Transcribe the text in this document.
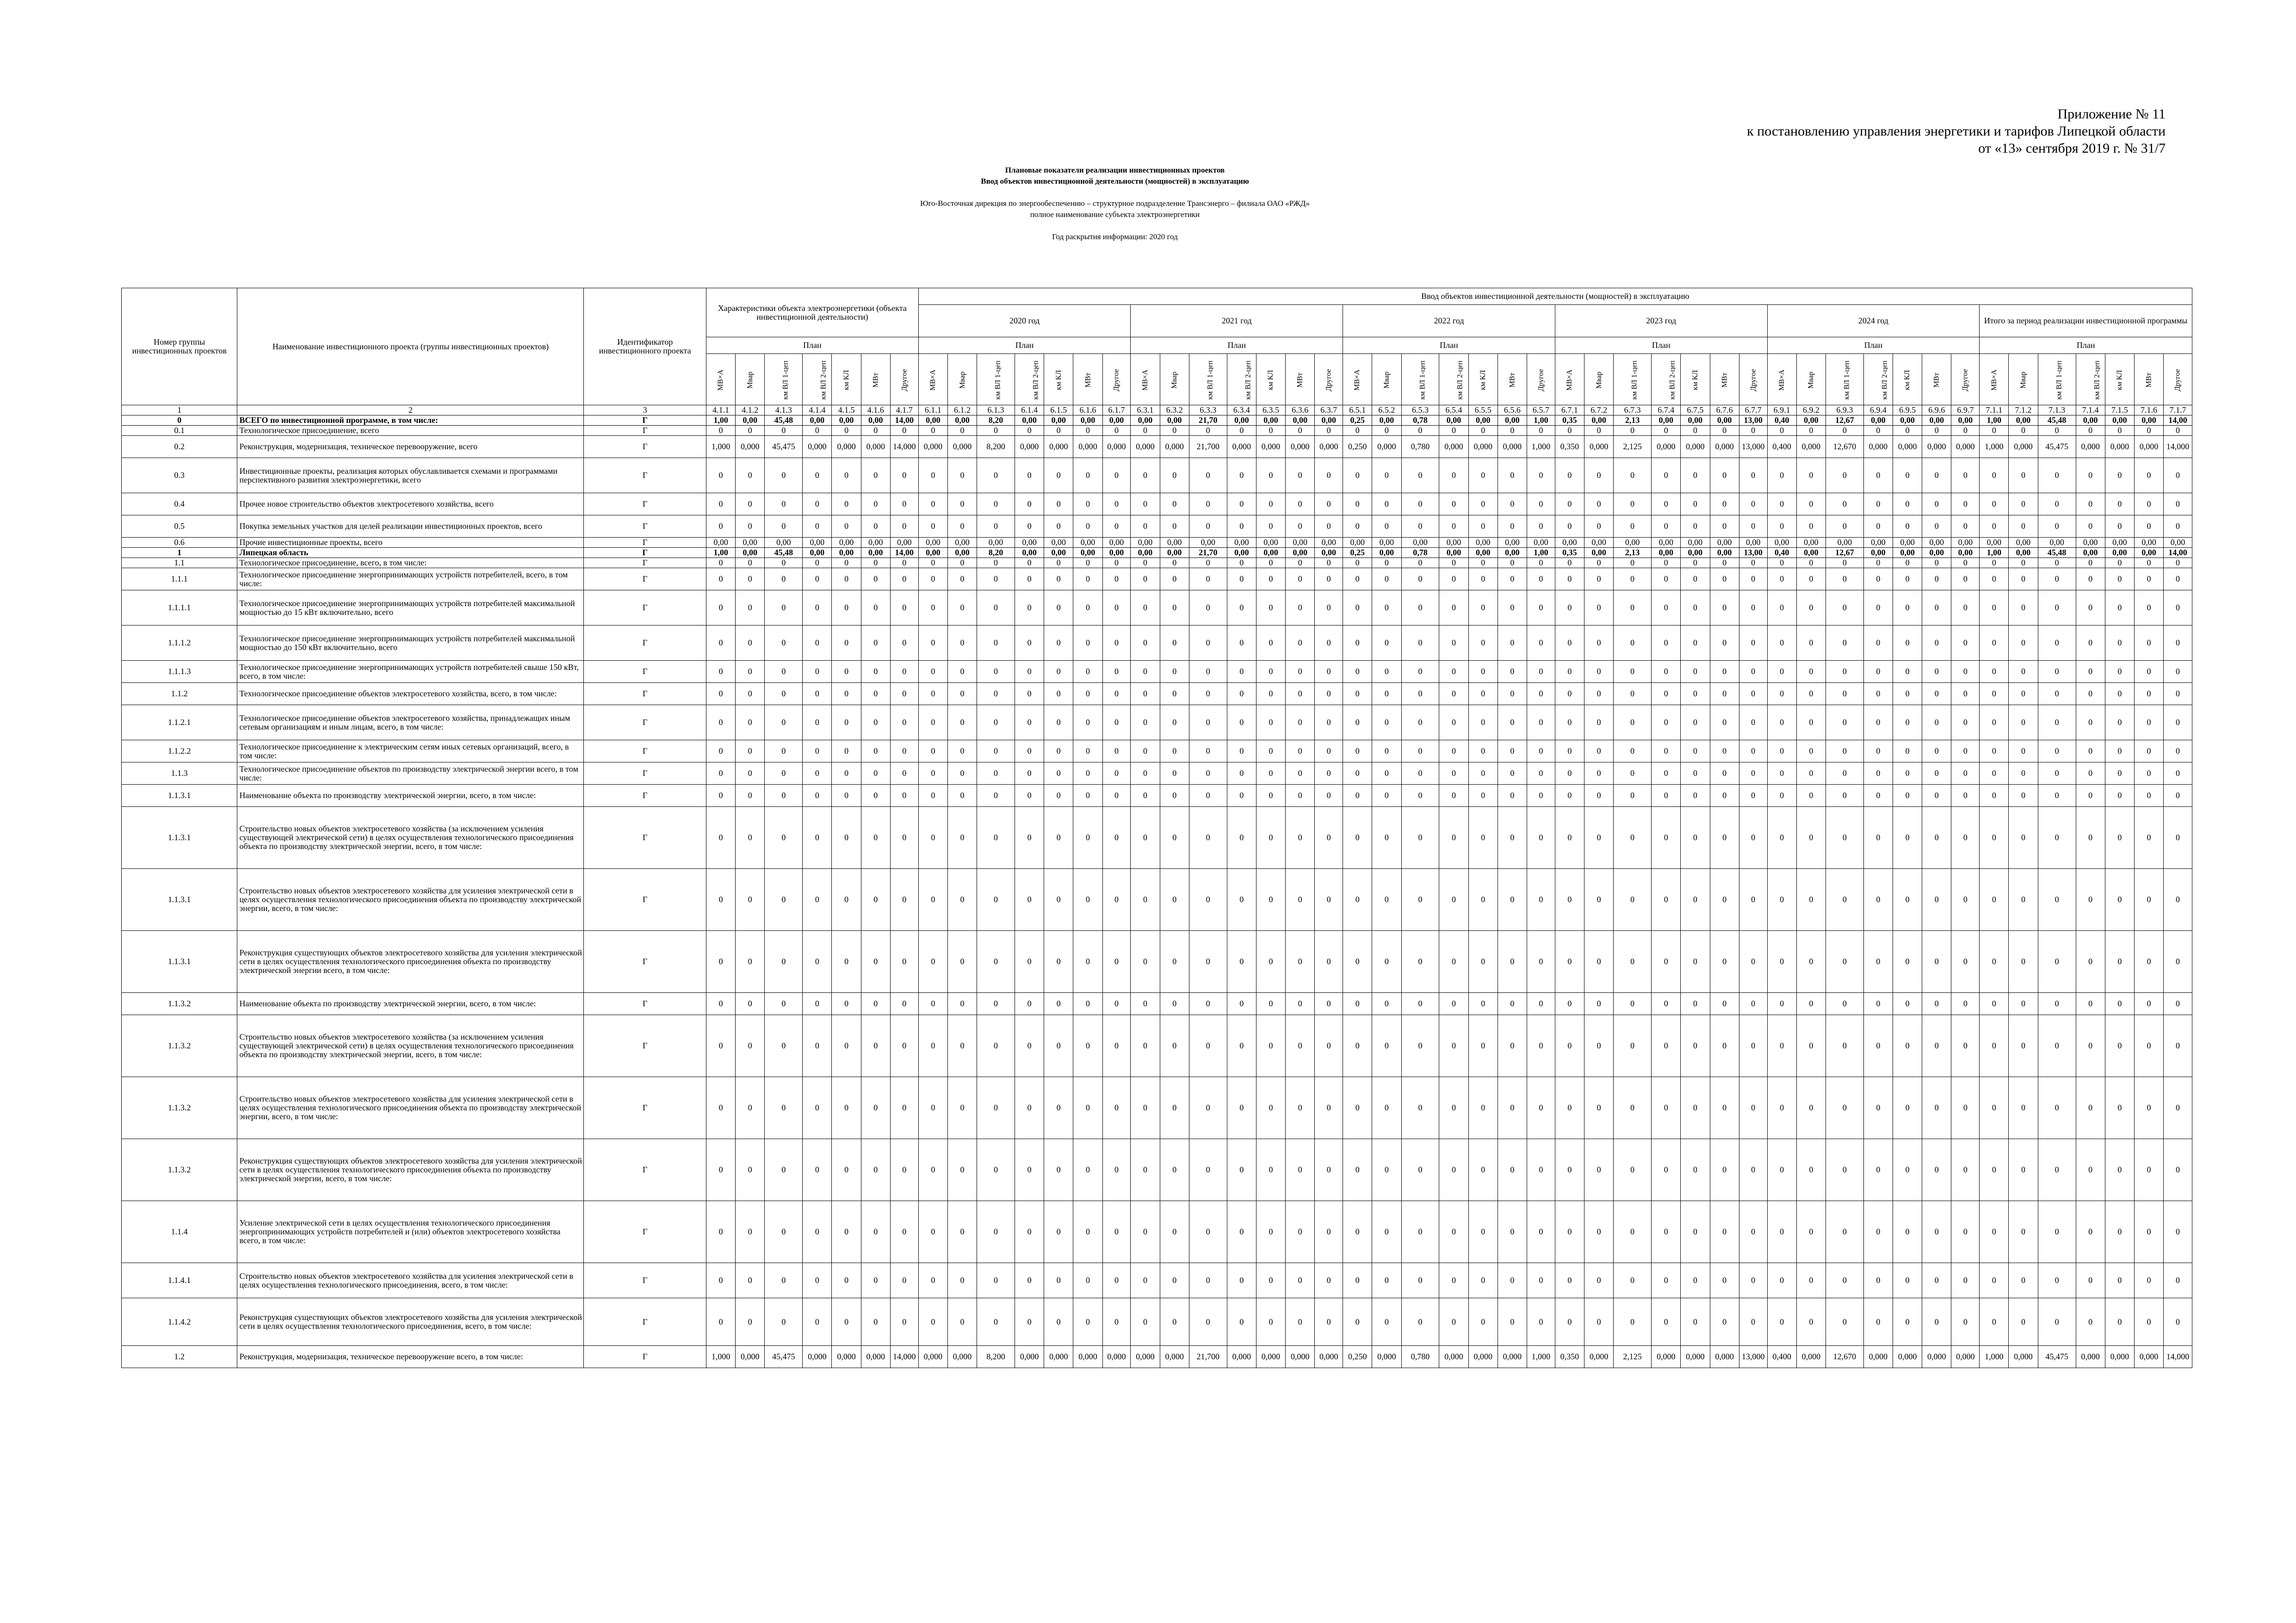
Приложение № 11
к постановлению управления энергетики и тарифов Липецкой области
от «13» сентября 2019 г. № 31/7
Плановые показатели реализации инвестиционных проектов
Ввод объектов инвестиционной деятельности (мощностей) в эксплуатацию
Юго-Восточная дирекция по энергообеспечению – структурное подразделение Трансэнерго – филиала ОАО «РЖД»
полное наименование субъекта электроэнергетики
Год раскрытия информации: 2020 год
Номер группы инвестиционных проектов	Наименование инвестиционного проекта (группы инвестиционных проектов)	Идентификатор инвестиционного проекта	Характеристики объекта электроэнергетики (объекта инвестиционной деятельности)							Ввод объектов инвестиционной деятельности (мощностей) в эксплуатацию																																									
										2020 год							2021 год							2022 год							2023 год							2024 год							Итого за период реализации инвестиционной программы						
			План							План							План							План							План							План							План						
			МВ×А	Мвар	км ВЛ 1-цеп	км ВЛ 2-цеп	км КЛ	МВт	Другое	МВ×А	Мвар	км ВЛ 1-цеп	км ВЛ 2-цеп	км КЛ	МВт	Другое	МВ×А	Мвар	км ВЛ 1-цеп	км ВЛ 2-цеп	км КЛ	МВт	Другое	МВ×А	Мвар	км ВЛ 1-цеп	км ВЛ 2-цеп	км КЛ	МВт	Другое	МВ×А	Мвар	км ВЛ 1-цеп	км ВЛ 2-цеп	км КЛ	МВт	Другое	МВ×А	Мвар	км ВЛ 1-цеп	км ВЛ 2-цеп	км КЛ	МВт	Другое	МВ×А	Мвар	км ВЛ 1-цеп	км ВЛ 2-цеп	км КЛ	МВт	Другое
1	2	3	4.1.1	4.1.2	4.1.3	4.1.4	4.1.5	4.1.6	4.1.7	6.1.1	6.1.2	6.1.3	6.1.4	6.1.5	6.1.6	6.1.7	6.3.1	6.3.2	6.3.3	6.3.4	6.3.5	6.3.6	6.3.7	6.5.1	6.5.2	6.5.3	6.5.4	6.5.5	6.5.6	6.5.7	6.7.1	6.7.2	6.7.3	6.7.4	6.7.5	6.7.6	6.7.7	6.9.1	6.9.2	6.9.3	6.9.4	6.9.5	6.9.6	6.9.7	7.1.1	7.1.2	7.1.3	7.1.4	7.1.5	7.1.6	7.1.7
0	ВСЕГО по инвестиционной программе, в том числе:	Г	1,00	0,00	45,48	0,00	0,00	0,00	14,00	0,00	0,00	8,20	0,00	0,00	0,00	0,00	0,00	0,00	21,70	0,00	0,00	0,00	0,00	0,25	0,00	0,78	0,00	0,00	0,00	1,00	0,35	0,00	2,13	0,00	0,00	0,00	13,00	0,40	0,00	12,67	0,00	0,00	0,00	0,00	1,00	0,00	45,48	0,00	0,00	0,00	14,00
0.1	Технологическое присоединение, всего	Г	0	0	0	0	0	0	0	0	0	0	0	0	0	0	0	0	0	0	0	0	0	0	0	0	0	0	0	0	0	0	0	0	0	0	0	0	0	0	0	0	0	0	0	0	0	0	0	0	0
0.2	Реконструкция, модернизация, техническое перевооружение, всего	Г	1,000	0,000	45,475	0,000	0,000	0,000	14,000	0,000	0,000	8,200	0,000	0,000	0,000	0,000	0,000	0,000	21,700	0,000	0,000	0,000	0,000	0,250	0,000	0,780	0,000	0,000	0,000	1,000	0,350	0,000	2,125	0,000	0,000	0,000	13,000	0,400	0,000	12,670	0,000	0,000	0,000	0,000	1,000	0,000	45,475	0,000	0,000	0,000	14,000
0.3	Инвестиционные проекты, реализация которых обуславливается схемами и программами перспективного развития электроэнергетики, всего	Г	0	0	0	0	0	0	0	0	0	0	0	0	0	0	0	0	0	0	0	0	0	0	0	0	0	0	0	0	0	0	0	0	0	0	0	0	0	0	0	0	0	0	0	0	0	0	0	0	0
0.4	Прочее новое строительство объектов электросетевого хозяйства, всего	Г	0	0	0	0	0	0	0	0	0	0	0	0	0	0	0	0	0	0	0	0	0	0	0	0	0	0	0	0	0	0	0	0	0	0	0	0	0	0	0	0	0	0	0	0	0	0	0	0	0
0.5	Покупка земельных участков для целей реализации инвестиционных проектов, всего	Г	0	0	0	0	0	0	0	0	0	0	0	0	0	0	0	0	0	0	0	0	0	0	0	0	0	0	0	0	0	0	0	0	0	0	0	0	0	0	0	0	0	0	0	0	0	0	0	0	0
0.6	Прочие инвестиционные проекты, всего	Г	0,00	0,00	0,00	0,00	0,00	0,00	0,00	0,00	0,00	0,00	0,00	0,00	0,00	0,00	0,00	0,00	0,00	0,00	0,00	0,00	0,00	0,00	0,00	0,00	0,00	0,00	0,00	0,00	0,00	0,00	0,00	0,00	0,00	0,00	0,00	0,00	0,00	0,00	0,00	0,00	0,00	0,00	0,00	0,00	0,00	0,00	0,00	0,00	0,00
1	Липецкая область	Г	1,00	0,00	45,48	0,00	0,00	0,00	14,00	0,00	0,00	8,20	0,00	0,00	0,00	0,00	0,00	0,00	21,70	0,00	0,00	0,00	0,00	0,25	0,00	0,78	0,00	0,00	0,00	1,00	0,35	0,00	2,13	0,00	0,00	0,00	13,00	0,40	0,00	12,67	0,00	0,00	0,00	0,00	1,00	0,00	45,48	0,00	0,00	0,00	14,00
1.1	Технологическое присоединение, всего, в том числе:	Г	0	0	0	0	0	0	0	0	0	0	0	0	0	0	0	0	0	0	0	0	0	0	0	0	0	0	0	0	0	0	0	0	0	0	0	0	0	0	0	0	0	0	0	0	0	0	0	0	0
1.1.1	Технологическое присоединение энергопринимающих устройств потребителей, всего, в том числе:	Г	0	0	0	0	0	0	0	0	0	0	0	0	0	0	0	0	0	0	0	0	0	0	0	0	0	0	0	0	0	0	0	0	0	0	0	0	0	0	0	0	0	0	0	0	0	0	0	0	0
1.1.1.1	Технологическое присоединение энергопринимающих устройств потребителей максимальной мощностью до 15 кВт включительно, всего	Г	0	0	0	0	0	0	0	0	0	0	0	0	0	0	0	0	0	0	0	0	0	0	0	0	0	0	0	0	0	0	0	0	0	0	0	0	0	0	0	0	0	0	0	0	0	0	0	0	0
1.1.1.2	Технологическое присоединение энергопринимающих устройств потребителей максимальной мощностью до 150 кВт включительно, всего	Г	0	0	0	0	0	0	0	0	0	0	0	0	0	0	0	0	0	0	0	0	0	0	0	0	0	0	0	0	0	0	0	0	0	0	0	0	0	0	0	0	0	0	0	0	0	0	0	0	0
1.1.1.3	Технологическое присоединение энергопринимающих устройств потребителей свыше 150 кВт, всего, в том числе:	Г	0	0	0	0	0	0	0	0	0	0	0	0	0	0	0	0	0	0	0	0	0	0	0	0	0	0	0	0	0	0	0	0	0	0	0	0	0	0	0	0	0	0	0	0	0	0	0	0	0
1.1.2	Технологическое присоединение объектов электросетевого хозяйства, всего, в том числе:	Г	0	0	0	0	0	0	0	0	0	0	0	0	0	0	0	0	0	0	0	0	0	0	0	0	0	0	0	0	0	0	0	0	0	0	0	0	0	0	0	0	0	0	0	0	0	0	0	0	0
1.1.2.1	Технологическое присоединение объектов электросетевого хозяйства, принадлежащих иным сетевым организациям и иным лицам, всего, в том числе:	Г	0	0	0	0	0	0	0	0	0	0	0	0	0	0	0	0	0	0	0	0	0	0	0	0	0	0	0	0	0	0	0	0	0	0	0	0	0	0	0	0	0	0	0	0	0	0	0	0	0
1.1.2.2	Технологическое присоединение к электрическим сетям иных сетевых организаций, всего, в том числе:	Г	0	0	0	0	0	0	0	0	0	0	0	0	0	0	0	0	0	0	0	0	0	0	0	0	0	0	0	0	0	0	0	0	0	0	0	0	0	0	0	0	0	0	0	0	0	0	0	0	0
1.1.3	Технологическое присоединение объектов по производству электрической энергии всего, в том числе:	Г	0	0	0	0	0	0	0	0	0	0	0	0	0	0	0	0	0	0	0	0	0	0	0	0	0	0	0	0	0	0	0	0	0	0	0	0	0	0	0	0	0	0	0	0	0	0	0	0	0
1.1.3.1	Наименование объекта по производству электрической энергии, всего, в том числе:	Г	0	0	0	0	0	0	0	0	0	0	0	0	0	0	0	0	0	0	0	0	0	0	0	0	0	0	0	0	0	0	0	0	0	0	0	0	0	0	0	0	0	0	0	0	0	0	0	0	0
1.1.3.1	Строительство новых объектов электросетевого хозяйства (за исключением усиления существующей электрической сети) в целях осуществления технологического присоединения объекта по производству электрической энергии, всего, в том числе:	Г	0	0	0	0	0	0	0	0	0	0	0	0	0	0	0	0	0	0	0	0	0	0	0	0	0	0	0	0	0	0	0	0	0	0	0	0	0	0	0	0	0	0	0	0	0	0	0	0	0
1.1.3.1	Строительство новых объектов электросетевого хозяйства для усиления электрической сети в целях осуществления технологического присоединения объекта по производству электрической энергии, всего, в том числе:	Г	0	0	0	0	0	0	0	0	0	0	0	0	0	0	0	0	0	0	0	0	0	0	0	0	0	0	0	0	0	0	0	0	0	0	0	0	0	0	0	0	0	0	0	0	0	0	0	0	0
1.1.3.1	Реконструкция существующих объектов электросетевого хозяйства для усиления электрической сети в целях осуществления технологического присоединения объекта по производству электрической энергии всего, в том числе:	Г	0	0	0	0	0	0	0	0	0	0	0	0	0	0	0	0	0	0	0	0	0	0	0	0	0	0	0	0	0	0	0	0	0	0	0	0	0	0	0	0	0	0	0	0	0	0	0	0	0
1.1.3.2	Наименование объекта по производству электрической энергии, всего, в том числе:	Г	0	0	0	0	0	0	0	0	0	0	0	0	0	0	0	0	0	0	0	0	0	0	0	0	0	0	0	0	0	0	0	0	0	0	0	0	0	0	0	0	0	0	0	0	0	0	0	0	0
1.1.3.2	Строительство новых объектов электросетевого хозяйства (за исключением усиления существующей электрической сети) в целях осуществления технологического присоединения объекта по производству электрической энергии, всего, в том числе:	Г	0	0	0	0	0	0	0	0	0	0	0	0	0	0	0	0	0	0	0	0	0	0	0	0	0	0	0	0	0	0	0	0	0	0	0	0	0	0	0	0	0	0	0	0	0	0	0	0	0
1.1.3.2	Строительство новых объектов электросетевого хозяйства для усиления электрической сети в целях осуществления технологического присоединения объекта по производству электрической энергии, всего, в том числе:	Г	0	0	0	0	0	0	0	0	0	0	0	0	0	0	0	0	0	0	0	0	0	0	0	0	0	0	0	0	0	0	0	0	0	0	0	0	0	0	0	0	0	0	0	0	0	0	0	0	0
1.1.3.2	Реконструкция существующих объектов электросетевого хозяйства для усиления электрической сети в целях осуществления технологического присоединения объекта по производству электрической энергии, всего, в том числе:	Г	0	0	0	0	0	0	0	0	0	0	0	0	0	0	0	0	0	0	0	0	0	0	0	0	0	0	0	0	0	0	0	0	0	0	0	0	0	0	0	0	0	0	0	0	0	0	0	0	0
1.1.4	Усиление электрической сети в целях осуществления технологического присоединения энергопринимающих устройств потребителей и (или) объектов электросетевого хозяйства всего, в том числе:	Г	0	0	0	0	0	0	0	0	0	0	0	0	0	0	0	0	0	0	0	0	0	0	0	0	0	0	0	0	0	0	0	0	0	0	0	0	0	0	0	0	0	0	0	0	0	0	0	0	0
1.1.4.1	Строительство новых объектов электросетевого хозяйства для усиления электрической сети в целях осуществления технологического присоединения, всего, в том числе:	Г	0	0	0	0	0	0	0	0	0	0	0	0	0	0	0	0	0	0	0	0	0	0	0	0	0	0	0	0	0	0	0	0	0	0	0	0	0	0	0	0	0	0	0	0	0	0	0	0	0
1.1.4.2	Реконструкция существующих объектов электросетевого хозяйства для усиления электрической сети в целях осуществления технологического присоединения, всего, в том числе:	Г	0	0	0	0	0	0	0	0	0	0	0	0	0	0	0	0	0	0	0	0	0	0	0	0	0	0	0	0	0	0	0	0	0	0	0	0	0	0	0	0	0	0	0	0	0	0	0	0	0
1.2	Реконструкция, модернизация, техническое перевооружение всего, в том числе:	Г	1,000	0,000	45,475	0,000	0,000	0,000	14,000	0,000	0,000	8,200	0,000	0,000	0,000	0,000	0,000	0,000	21,700	0,000	0,000	0,000	0,000	0,250	0,000	0,780	0,000	0,000	0,000	1,000	0,350	0,000	2,125	0,000	0,000	0,000	13,000	0,400	0,000	12,670	0,000	0,000	0,000	0,000	1,000	0,000	45,475	0,000	0,000	0,000	14,000
